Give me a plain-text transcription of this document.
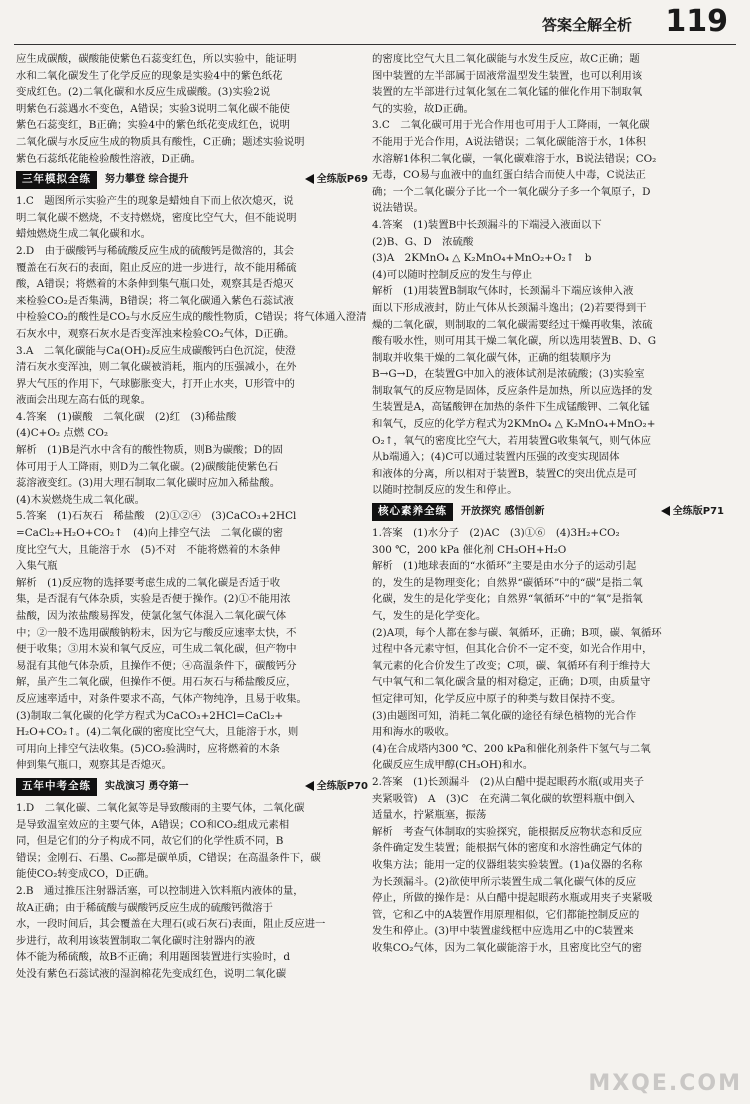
答案全解全析 119

应生成碳酸，碳酸能使紫色石蕊变红色，所以实验中，能证明

水和二氧化碳发生了化学反应的现象是实验4中的紫色纸花

变成红色。(2)二氧化碳和水反应生成碳酸。(3)实验2说

明紫色石蕊遇水不变色，A错误；实验3说明二氧化碳不能使

紫色石蕊变红，B正确；实验4中的紫色纸花变成红色，说明

二氧化碳与水反应生成的物质具有酸性，C正确；题述实验说明

紫色石蕊纸花能检验酸性溶液，D正确。

三年模拟全练	努力攀登 综合提升	全练版P69

1.C　题图所示实验产生的现象是蜡烛自下而上依次熄灭，说

明二氧化碳不燃烧，不支持燃烧，密度比空气大，但不能说明

蜡烛燃烧生成二氧化碳和水。

2.D　由于碳酸钙与稀硫酸反应生成的硫酸钙是微溶的，其会

覆盖在石灰石的表面，阻止反应的进一步进行，故不能用稀硫

酸，A错误；将燃着的木条伸到集气瓶口处，观察其是否熄灭

来检验CO₂是否集满，B错误；将二氧化碳通入紫色石蕊试液

中检验CO₂的酸性是CO₂与水反应生成的酸性物质，C错误；将气体通入澄清

石灰水中，观察石灰水是否变浑浊来检验CO₂气体，D正确。

3.A　二氧化碳能与Ca(OH)₂反应生成碳酸钙白色沉淀，使澄

清石灰水变浑浊，则二氧化碳被消耗，瓶内的压强减小，在外

界大气压的作用下，气球膨胀变大，打开止水夹，U形管中的

液面会出现左高右低的现象。

4.答案　(1)碳酸　二氧化碳　(2)红　(3)稀盐酸

(4)C+O₂ 点燃 CO₂

解析　(1)B是汽水中含有的酸性物质，则B为碳酸；D的固

体可用于人工降雨，则D为二氧化碳。(2)碳酸能使紫色石

蕊溶液变红。(3)用大理石制取二氧化碳时应加入稀盐酸。

(4)木炭燃烧生成二氧化碳。

5.答案　(1)石灰石　稀盐酸　(2)①②④　(3)CaCO₃+2HCl

=CaCl₂+H₂O+CO₂↑　(4)向上排空气法　二氧化碳的密

度比空气大，且能溶于水　(5)不对　不能将燃着的木条伸

入集气瓶

解析　(1)反应物的选择要考虑生成的二氧化碳是否适于收

集，是否混有气体杂质，实验是否便于操作。(2)①不能用浓

盐酸，因为浓盐酸易挥发，使氯化氢气体混入二氧化碳气体

中；②一般不选用碳酸钠粉末，因为它与酸反应速率太快，不

便于收集；③用木炭和氧气反应，可生成二氧化碳，但产物中

易混有其他气体杂质，且操作不便；④高温条件下，碳酸钙分

解，虽产生二氧化碳，但操作不便。用石灰石与稀盐酸反应，

反应速率适中，对条件要求不高，气体产物纯净，且易于收集。

(3)制取二氧化碳的化学方程式为CaCO₃+2HCl=CaCl₂+

H₂O+CO₂↑。(4)二氧化碳的密度比空气大，且能溶于水，则

可用向上排空气法收集。(5)CO₂验满时，应将燃着的木条

伸到集气瓶口，观察其是否熄灭。

五年中考全练	实战演习 勇夺第一	全练版P70

1.D　二氧化碳、二氧化氮等是导致酸雨的主要气体，二氧化碳

是导致温室效应的主要气体，A错误；CO和CO₂组成元素相

同，但是它们的分子构成不同，故它们的化学性质不同，B

错误；金刚石、石墨、C₆₀都是碳单质，C错误；在高温条件下，碳

能使CO₂转变成CO，D正确。

2.B　通过推压注射器活塞，可以控制进入饮料瓶内液体的量，

故A正确；由于稀硫酸与碳酸钙反应生成的硫酸钙微溶于

水，一段时间后，其会覆盖在大理石(或石灰石)表面，阻止反应进一

步进行，故利用该装置制取二氧化碳时注射器内的液

体不能为稀硫酸，故B不正确；利用题图装置进行实验时，d

处没有紫色石蕊试液的湿润棉花先变成红色，说明二氧化碳

的密度比空气大且二氧化碳能与水发生反应，故C正确；题

图中装置的左半部属于固液常温型发生装置，也可以利用该

装置的左半部进行过氧化氢在二氧化锰的催化作用下制取氧

气的实验，故D正确。

3.C　二氧化碳可用于光合作用也可用于人工降雨，一氧化碳

不能用于光合作用，A说法错误；二氧化碳能溶于水，1体积

水溶解1体积二氧化碳，一氧化碳难溶于水，B说法错误；CO₂

无毒，CO易与血液中的血红蛋白结合而使人中毒，C说法正

确；一个二氧化碳分子比一个一氧化碳分子多一个氧原子，D

说法错误。

4.答案　(1)装置B中长颈漏斗的下端浸入液面以下

(2)B、G、D　浓硫酸

(3)A　2KMnO₄ △ K₂MnO₄+MnO₂+O₂↑　b

(4)可以随时控制反应的发生与停止

解析　(1)用装置B制取气体时，长颈漏斗下端应该伸入液

面以下形成液封，防止气体从长颈漏斗逸出；(2)若要得到干

燥的二氧化碳，则制取的二氧化碳需要经过干燥再收集，浓硫

酸有吸水性，则可用其干燥二氧化碳，所以选用装置B、D、G

制取并收集干燥的二氧化碳气体，正确的组装顺序为

B→G→D，在装置G中加入的液体试剂是浓硫酸；(3)实验室

制取氧气的反应物是固体，反应条件是加热，所以应选择的发

生装置是A，高锰酸钾在加热的条件下生成锰酸钾、二氧化锰

和氧气，反应的化学方程式为2KMnO₄ △ K₂MnO₄+MnO₂+

O₂↑，氧气的密度比空气大，若用装置G收集氧气，则气体应

从b端通入；(4)C可以通过装置内压强的改变实现固体

和液体的分离，所以相对于装置B，装置C的突出优点是可

以随时控制反应的发生和停止。

核心素养全练	开放探究 感悟创新	全练版P71

1.答案　(1)水分子　(2)AC　(3)①⑥　(4)3H₂+CO₂

300 ℃，200 kPa 催化剂 CH₃OH+H₂O

解析　(1)地球表面的“水循环”主要是由水分子的运动引起

的，发生的是物理变化；自然界“碳循环”中的“碳”是指二氧

化碳，发生的是化学变化；自然界“氧循环”中的“氧”是指氧

气，发生的是化学变化。

(2)A项，每个人都在参与碳、氧循环，正确；B项，碳、氧循环

过程中各元素守恒，但其化合价不一定不变，如光合作用中，

氧元素的化合价发生了改变；C项，碳、氧循环有利于维持大

气中氧气和二氧化碳含量的相对稳定，正确；D项，由质量守

恒定律可知，化学反应中原子的种类与数目保持不变。

(3)由题图可知，消耗二氧化碳的途径有绿色植物的光合作

用和海水的吸收。

(4)在合成塔内300 ℃、200 kPa和催化剂条件下氢气与二氧

化碳反应生成甲醇(CH₃OH)和水。

2.答案　(1)长颈漏斗　(2)从白醋中提起眼药水瓶(或用夹子

夹紧吸管)　A　(3)C　在充满二氧化碳的软塑料瓶中倒入

适量水，拧紧瓶塞，振荡

解析　考查气体制取的实验探究，能根据反应物状态和反应

条件确定发生装置；能根据气体的密度和水溶性确定气体的

收集方法；能用一定的仪器组装实验装置。(1)a仪器的名称

为长颈漏斗。(2)欲使甲所示装置生成二氧化碳气体的反应

停止，所做的操作是：从白醋中提起眼药水瓶或用夹子夹紧吸

管，它和乙中的A装置作用原理相似，它们都能控制反应的

发生和停止。(3)甲中装置虚线框中应选用乙中的C装置来

收集CO₂气体，因为二氧化碳能溶于水，且密度比空气的密

MXQE.COM
